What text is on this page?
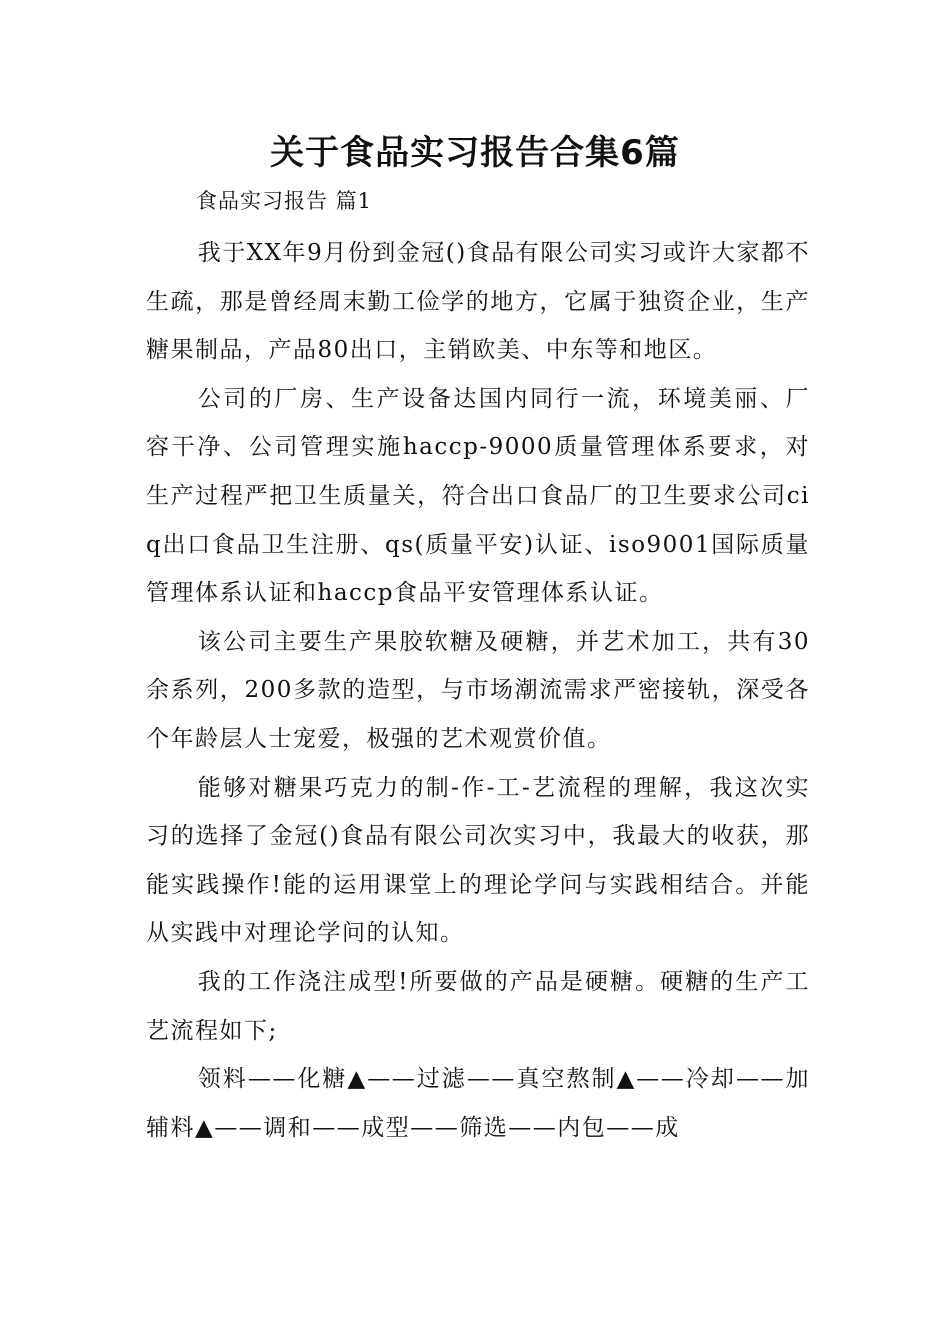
关于食品实习报告合集6篇
食品实习报告 篇1

我于XX年9月份到金冠()食品有限公司实习或许大家都不生疏，那是曾经周末勤工俭学的地方，它属于独资企业，生产糖果制品，产品80出口，主销欧美、中东等和地区。

公司的厂房、生产设备达国内同行一流，环境美丽、厂容干净、公司管理实施haccp-9000质量管理体系要求，对生产过程严把卫生质量关，符合出口食品厂的卫生要求公司ciq出口食品卫生注册、qs(质量平安)认证、iso9001国际质量管理体系认证和haccp食品平安管理体系认证。

该公司主要生产果胶软糖及硬糖，并艺术加工，共有30余系列，200多款的造型，与市场潮流需求严密接轨，深受各个年龄层人士宠爱，极强的艺术观赏价值。

能够对糖果巧克力的制-作-工-艺流程的理解，我这次实习的选择了金冠()食品有限公司次实习中，我最大的收获，那能实践操作!能的运用课堂上的理论学问与实践相结合。并能从实践中对理论学问的认知。

我的工作浇注成型!所要做的产品是硬糖。硬糖的生产工艺流程如下;

领料——化糖▲——过滤——真空熬制▲——冷却——加辅料▲——调和——成型——筛选——内包——成
